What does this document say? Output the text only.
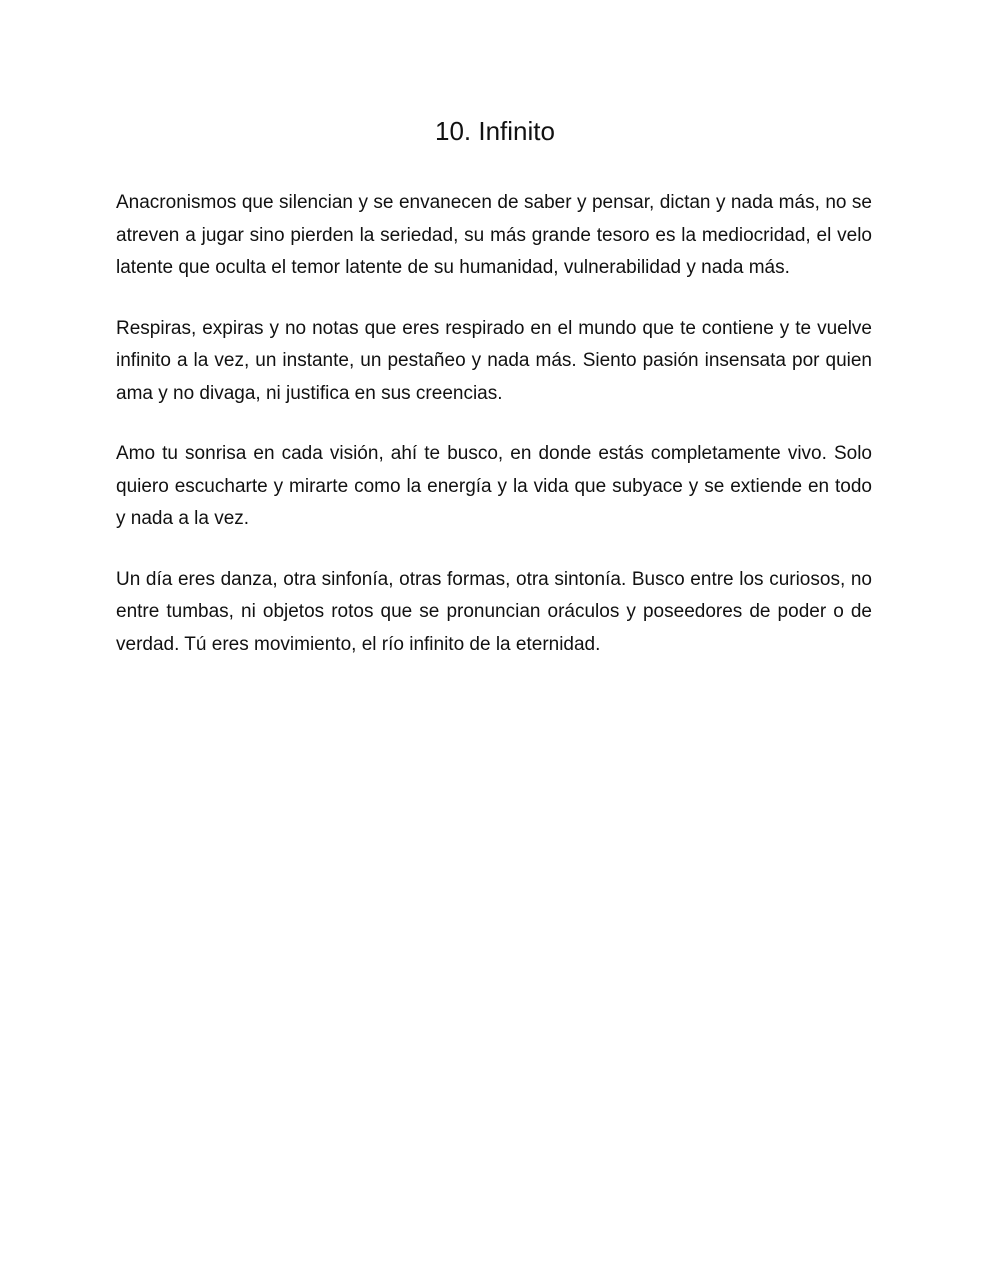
10. Infinito

Anacronismos que silencian y se envanecen de saber y pensar, dictan y nada más, no se atreven a jugar sino pierden la seriedad, su más grande tesoro es la mediocridad, el velo latente que oculta el temor latente de su humanidad, vulnerabilidad y nada más.

Respiras, expiras y no notas que eres respirado en el mundo que te contiene y te vuelve infinito a la vez, un instante, un pestañeo y nada más. Siento pasión insensata por quien ama y no divaga, ni justifica en sus creencias.

Amo tu sonrisa en cada visión, ahí te busco, en donde estás completamente vivo. Solo quiero escucharte y mirarte como la energía y la vida que subyace y se extiende en todo y nada a la vez.

Un día eres danza, otra sinfonía, otras formas, otra sintonía. Busco entre los curiosos, no entre tumbas, ni objetos rotos que se pronuncian oráculos y poseedores de poder o de verdad. Tú eres movimiento, el río infinito de la eternidad.
